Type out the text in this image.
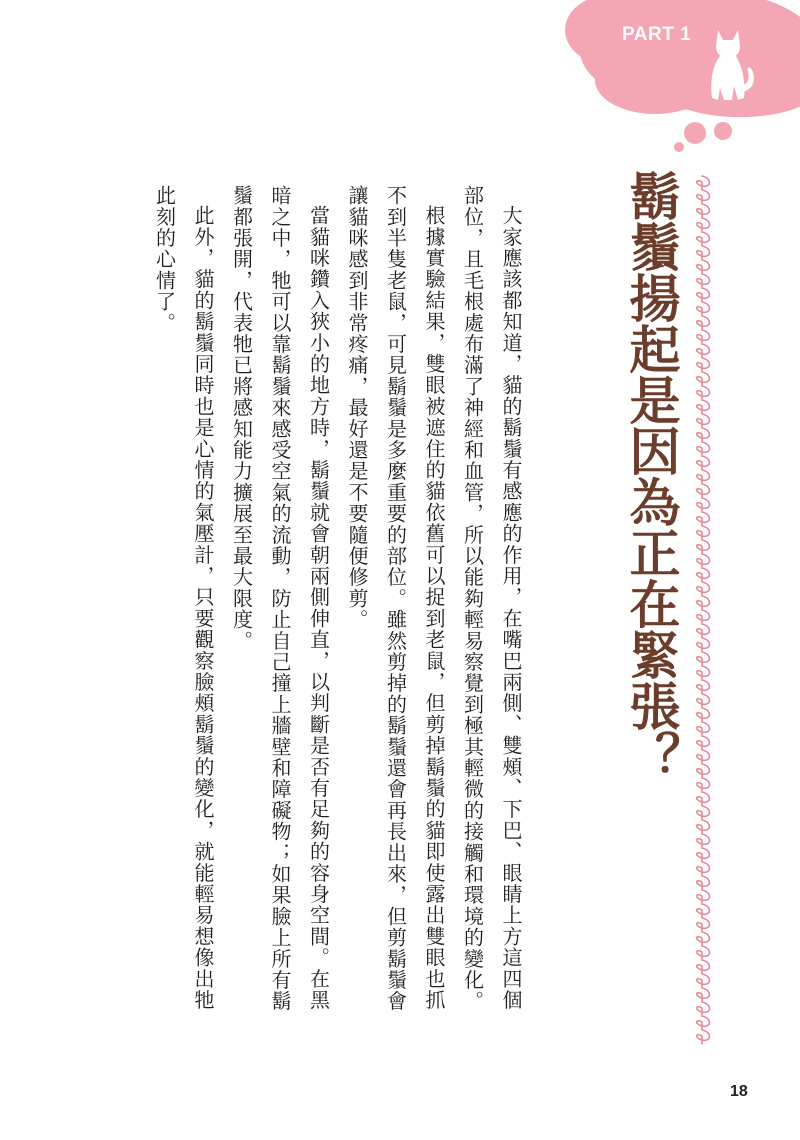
PART 1
鬍鬚揚起是因為正在緊張？

大家應該都知道，貓的鬍鬚有感應的作用，在嘴巴兩側、雙頰、下巴、眼睛上方這四個部位，且毛根處布滿了神經和血管，所以能夠輕易察覺到極其輕微的接觸和環境的變化。

根據實驗結果，雙眼被遮住的貓依舊可以捉到老鼠，但剪掉鬍鬚的貓即使露出雙眼也抓不到半隻老鼠，可見鬍鬚是多麼重要的部位。雖然剪掉的鬍鬚還會再長出來，但剪鬍鬚會讓貓咪感到非常疼痛，最好還是不要隨便修剪。

當貓咪鑽入狹小的地方時，鬍鬚就會朝兩側伸直，以判斷是否有足夠的容身空間。在黑暗之中，牠可以靠鬍鬚來感受空氣的流動，防止自己撞上牆壁和障礙物；如果臉上所有鬍鬚都張開，代表牠已將感知能力擴展至最大限度。

此外，貓的鬍鬚同時也是心情的氣壓計，只要觀察臉頰鬍鬚的變化，就能輕易想像出牠此刻的心情了。

18
